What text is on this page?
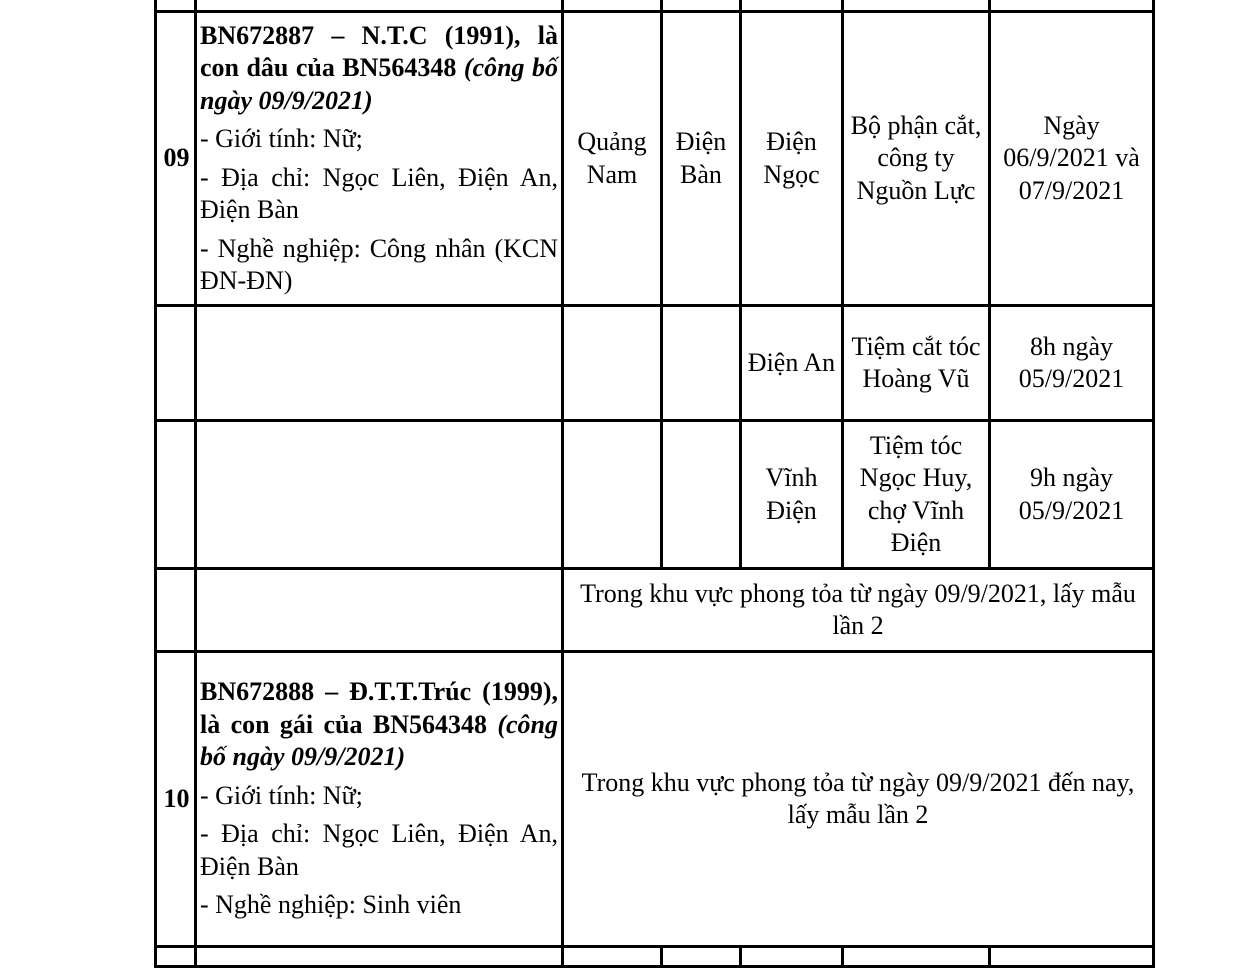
09	BN672887 – N.T.C (1991), là con dâu của BN564348 (công bố ngày 09/9/2021)

- Giới tính: Nữ;

- Địa chỉ: Ngọc Liên, Điện An, Điện Bàn

- Nghề nghiệp: Công nhân (KCN ĐN-ĐN)	Quảng Nam	Điện Bàn	Điện Ngọc	Bộ phận cắt, công ty Nguồn Lực	Ngày 06/9/2021 và 07/9/2021
				Điện An	Tiệm cắt tóc Hoàng Vũ	8h ngày 05/9/2021
				Vĩnh Điện	Tiệm tóc Ngọc Huy, chợ Vĩnh Điện	9h ngày 05/9/2021
		Trong khu vực phong tỏa từ ngày 09/9/2021, lấy mẫu lần 2				
10	BN672888 – Đ.T.T.Trúc (1999), là con gái của BN564348 (công bố ngày 09/9/2021)

- Giới tính: Nữ;

- Địa chỉ: Ngọc Liên, Điện An, Điện Bàn

- Nghề nghiệp: Sinh viên	Trong khu vực phong tỏa từ ngày 09/9/2021 đến nay, lấy mẫu lần 2				
